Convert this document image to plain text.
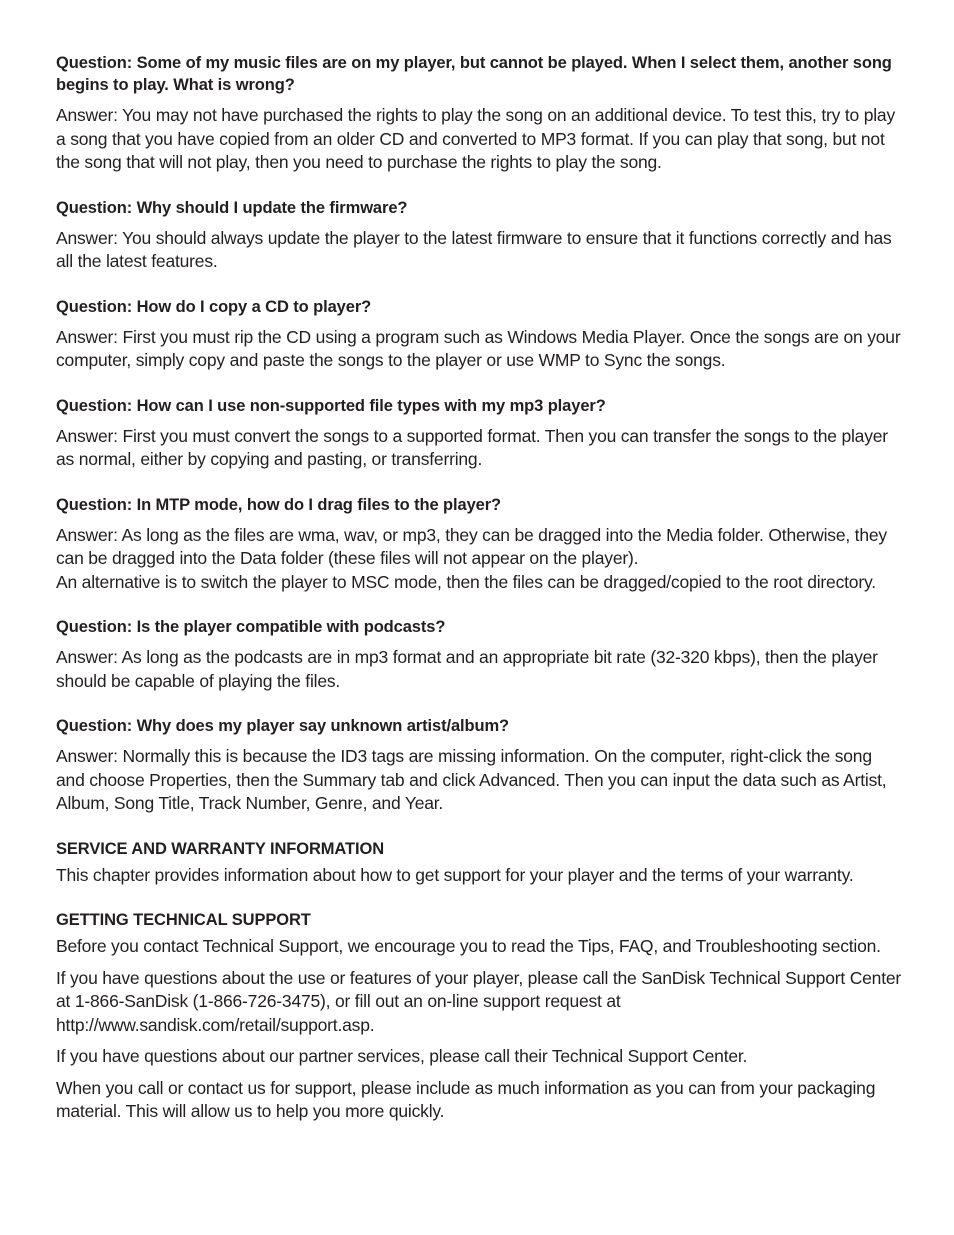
Question: Some of my music files are on my player, but cannot be played. When I select them, another song begins to play. What is wrong?

Answer: You may not have purchased the rights to play the song on an additional device. To test this, try to play a song that you have copied from an older CD and converted to MP3 format. If you can play that song, but not the song that will not play, then you need to purchase the rights to play the song.

Question: Why should I update the firmware?

Answer: You should always update the player to the latest firmware to ensure that it functions correctly and has all the latest features.

Question: How do I copy a CD to player?

Answer: First you must rip the CD using a program such as Windows Media Player. Once the songs are on your computer, simply copy and paste the songs to the player or use WMP to Sync the songs.

Question: How can I use non-supported file types with my mp3 player?

Answer: First you must convert the songs to a supported format. Then you can transfer the songs to the player as normal, either by copying and pasting, or transferring.

Question: In MTP mode, how do I drag files to the player?

Answer: As long as the files are wma, wav, or mp3, they can be dragged into the Media folder. Otherwise, they can be dragged into the Data folder (these files will not appear on the player).

An alternative is to switch the player to MSC mode, then the files can be dragged/copied to the root directory.

Question: Is the player compatible with podcasts?

Answer: As long as the podcasts are in mp3 format and an appropriate bit rate (32-320 kbps), then the player should be capable of playing the files.

Question: Why does my player say unknown artist/album?

Answer: Normally this is because the ID3 tags are missing information. On the computer, right-click the song and choose Properties, then the Summary tab and click Advanced. Then you can input the data such as Artist, Album, Song Title, Track Number, Genre, and Year.

SERVICE AND WARRANTY INFORMATION

This chapter provides information about how to get support for your player and the terms of your warranty.

GETTING TECHNICAL SUPPORT

Before you contact Technical Support, we encourage you to read the Tips, FAQ, and Troubleshooting section.

If you have questions about the use or features of your player, please call the SanDisk Technical Support Center at 1-866-SanDisk (1-866-726-3475), or fill out an on-line support request at http://www.sandisk.com/retail/support.asp.

If you have questions about our partner services, please call their Technical Support Center.

When you call or contact us for support, please include as much information as you can from your packaging material. This will allow us to help you more quickly.
